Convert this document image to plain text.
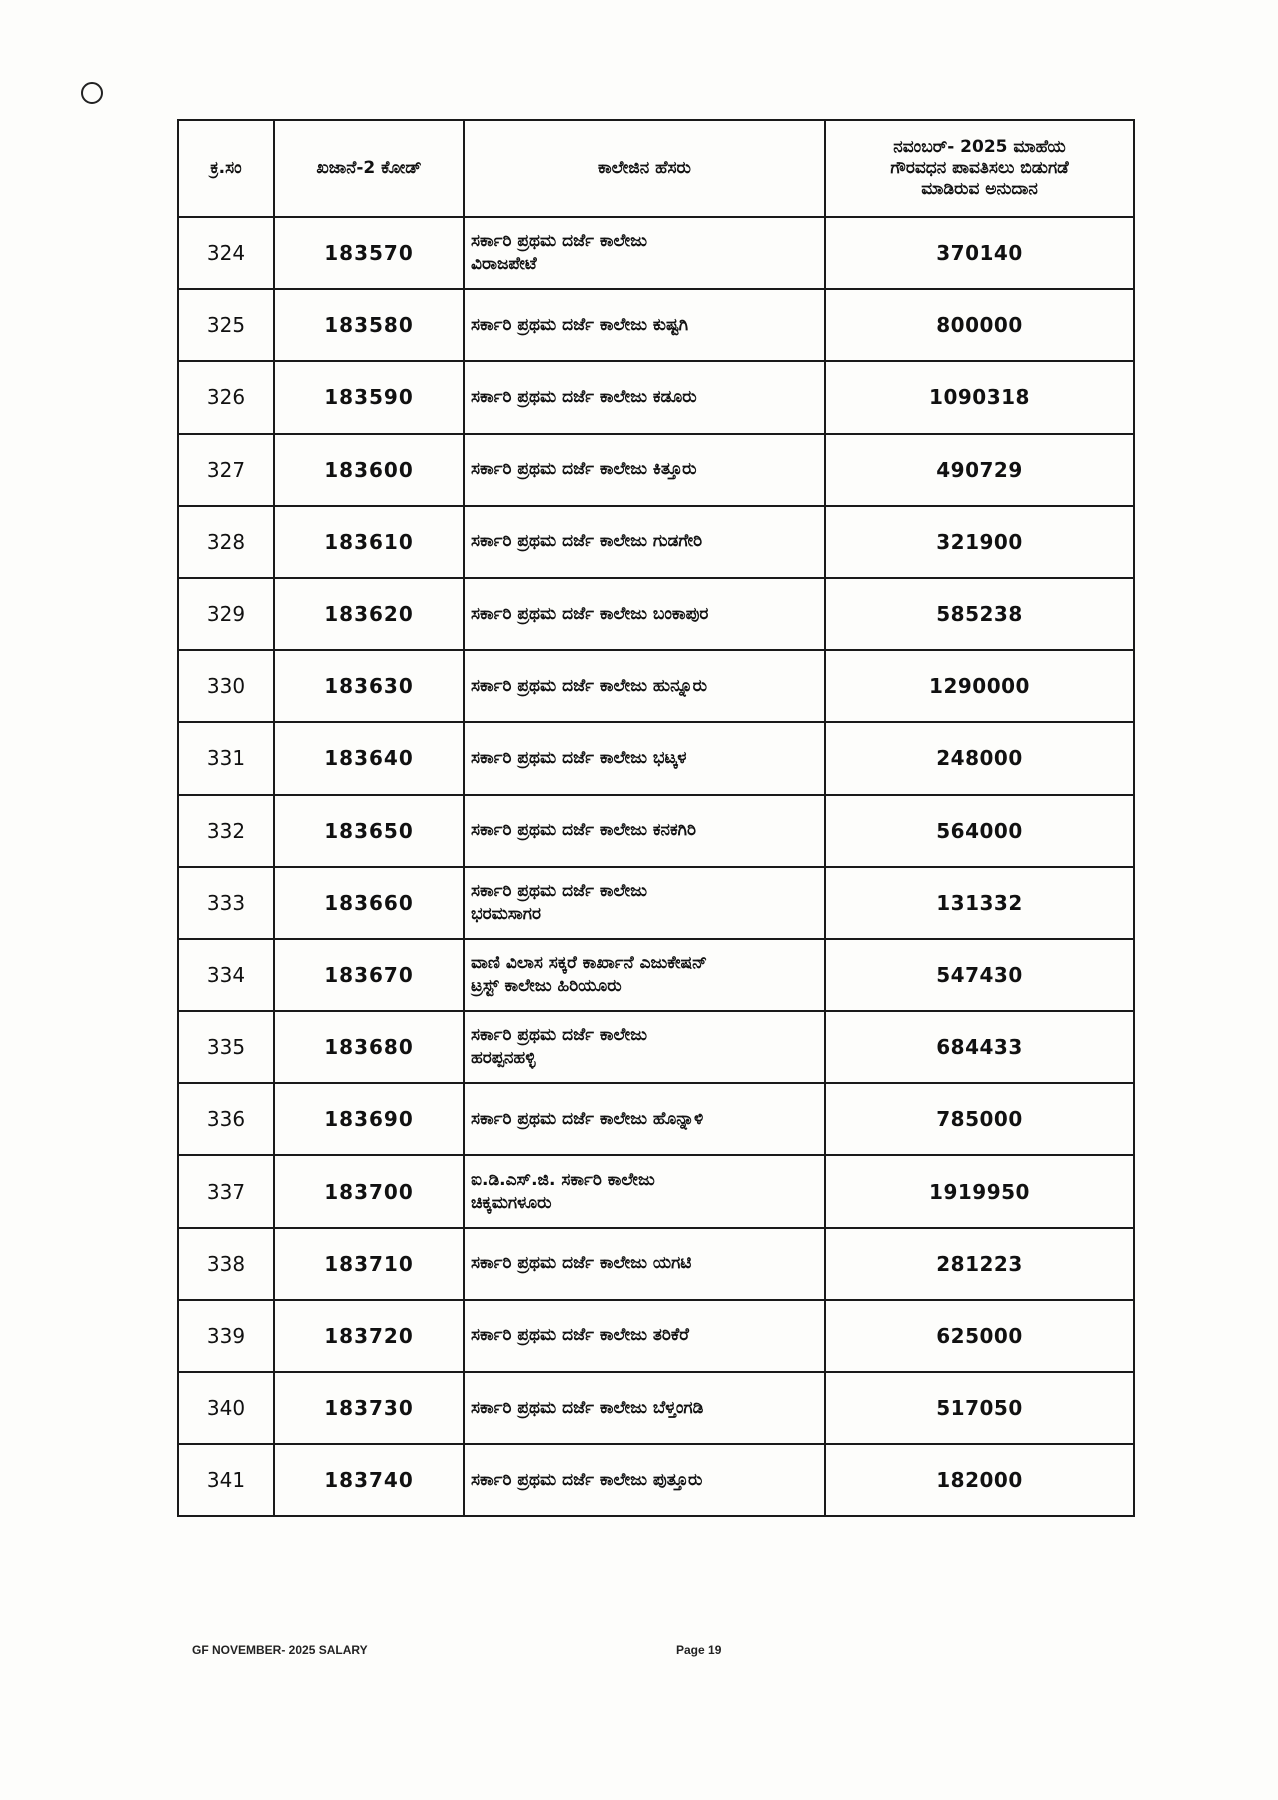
ಕ್ರ.ಸಂ	ಖಜಾನೆ-2 ಕೋಡ್	ಕಾಲೇಜಿನ ಹೆಸರು	ನವಂಬರ್- 2025 ಮಾಹೆಯ
ಗೌರವಧನ ಪಾವತಿಸಲು ಬಿಡುಗಡೆ
ಮಾಡಿರುವ ಅನುದಾನ

324	183570	ಸರ್ಕಾರಿ ಪ್ರಥಮ ದರ್ಜೆ ಕಾಲೇಜು
ವಿರಾಜಪೇಟೆ	370140
325	183580	ಸರ್ಕಾರಿ ಪ್ರಥಮ ದರ್ಜೆ ಕಾಲೇಜು ಕುಷ್ಟಗಿ	800000
326	183590	ಸರ್ಕಾರಿ ಪ್ರಥಮ ದರ್ಜೆ ಕಾಲೇಜು ಕಡೂರು	1090318
327	183600	ಸರ್ಕಾರಿ ಪ್ರಥಮ ದರ್ಜೆ ಕಾಲೇಜು ಕಿತ್ತೂರು	490729
328	183610	ಸರ್ಕಾರಿ ಪ್ರಥಮ ದರ್ಜೆ ಕಾಲೇಜು ಗುಡಗೇರಿ	321900
329	183620	ಸರ್ಕಾರಿ ಪ್ರಥಮ ದರ್ಜೆ ಕಾಲೇಜು ಬಂಕಾಪುರ	585238
330	183630	ಸರ್ಕಾರಿ ಪ್ರಥಮ ದರ್ಜೆ ಕಾಲೇಜು ಹುನ್ನೂರು	1290000
331	183640	ಸರ್ಕಾರಿ ಪ್ರಥಮ ದರ್ಜೆ ಕಾಲೇಜು ಭಟ್ಕಳ	248000
332	183650	ಸರ್ಕಾರಿ ಪ್ರಥಮ ದರ್ಜೆ ಕಾಲೇಜು ಕನಕಗಿರಿ	564000
333	183660	ಸರ್ಕಾರಿ ಪ್ರಥಮ ದರ್ಜೆ ಕಾಲೇಜು
ಭರಮಸಾಗರ	131332
334	183670	ವಾಣಿ ವಿಲಾಸ ಸಕ್ಕರೆ ಕಾರ್ಖಾನೆ ಎಜುಕೇಷನ್
ಟ್ರಸ್ಟ್ ಕಾಲೇಜು ಹಿರಿಯೂರು	547430
335	183680	ಸರ್ಕಾರಿ ಪ್ರಥಮ ದರ್ಜೆ ಕಾಲೇಜು
ಹರಪ್ಪನಹಳ್ಳಿ	684433
336	183690	ಸರ್ಕಾರಿ ಪ್ರಥಮ ದರ್ಜೆ ಕಾಲೇಜು ಹೊನ್ನಾಳಿ	785000
337	183700	ಐ.ಡಿ.ಎಸ್.ಜಿ. ಸರ್ಕಾರಿ ಕಾಲೇಜು
ಚಿಕ್ಕಮಗಳೂರು	1919950
338	183710	ಸರ್ಕಾರಿ ಪ್ರಥಮ ದರ್ಜೆ ಕಾಲೇಜು ಯಗಟಿ	281223
339	183720	ಸರ್ಕಾರಿ ಪ್ರಥಮ ದರ್ಜೆ ಕಾಲೇಜು ತರಿಕೆರೆ	625000
340	183730	ಸರ್ಕಾರಿ ಪ್ರಥಮ ದರ್ಜೆ ಕಾಲೇಜು ಬೆಳ್ತಂಗಡಿ	517050
341	183740	ಸರ್ಕಾರಿ ಪ್ರಥಮ ದರ್ಜೆ ಕಾಲೇಜು ಪುತ್ತೂರು	182000
GF NOVEMBER- 2025 SALARY	Page 19
